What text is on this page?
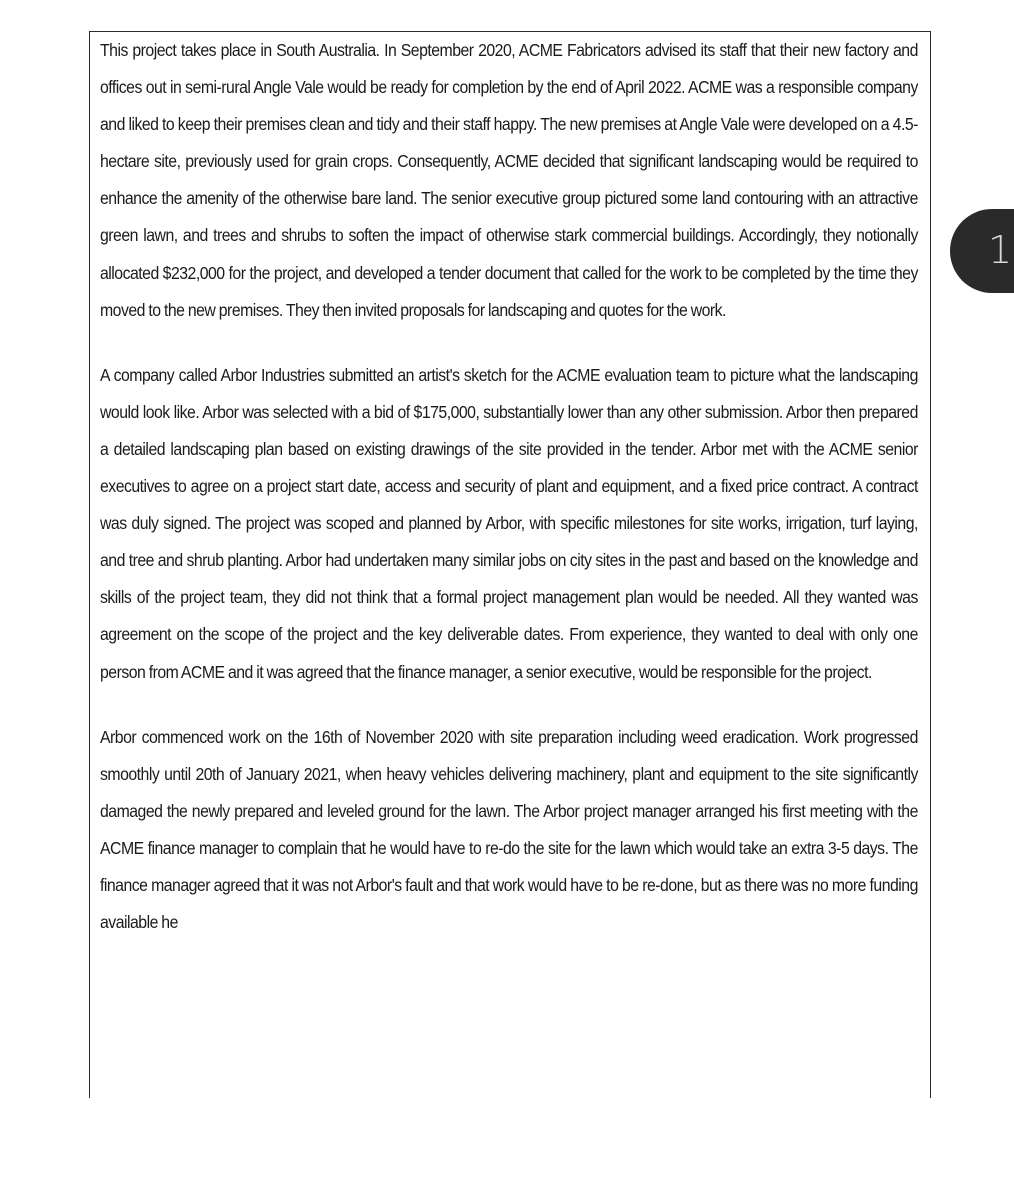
This project takes place in South Australia. In September 2020, ACME Fabricators advised its staff that their new factory and offices out in semi-rural Angle Vale would be ready for completion by the end of April 2022. ACME was a responsible company and liked to keep their premises clean and tidy and their staff happy. The new premises at Angle Vale were developed on a 4.5-hectare site, previously used for grain crops. Consequently, ACME decided that significant landscaping would be required to enhance the amenity of the otherwise bare land. The senior executive group pictured some land contouring with an attractive green lawn, and trees and shrubs to soften the impact of otherwise stark commercial buildings. Accordingly, they notionally allocated $232,000 for the project, and developed a tender document that called for the work to be completed by the time they moved to the new premises. They then invited proposals for landscaping and quotes for the work.

A company called Arbor Industries submitted an artist's sketch for the ACME evaluation team to picture what the landscaping would look like. Arbor was selected with a bid of $175,000, substantially lower than any other submission. Arbor then prepared a detailed landscaping plan based on existing drawings of the site provided in the tender. Arbor met with the ACME senior executives to agree on a project start date, access and security of plant and equipment, and a fixed price contract. A contract was duly signed. The project was scoped and planned by Arbor, with specific milestones for site works, irrigation, turf laying, and tree and shrub planting. Arbor had undertaken many similar jobs on city sites in the past and based on the knowledge and skills of the project team, they did not think that a formal project management plan would be needed. All they wanted was agreement on the scope of the project and the key deliverable dates. From experience, they wanted to deal with only one person from ACME and it was agreed that the finance manager, a senior executive, would be responsible for the project.

Arbor commenced work on the 16th of November 2020 with site preparation including weed eradication. Work progressed smoothly until 20th of January 2021, when heavy vehicles delivering machinery, plant and equipment to the site significantly damaged the newly prepared and leveled ground for the lawn. The Arbor project manager arranged his first meeting with the ACME finance manager to complain that he would have to re-do the site for the lawn which would take an extra 3-5 days. The finance manager agreed that it was not Arbor's fault and that work would have to be re-done, but as there was no more funding available he

1
